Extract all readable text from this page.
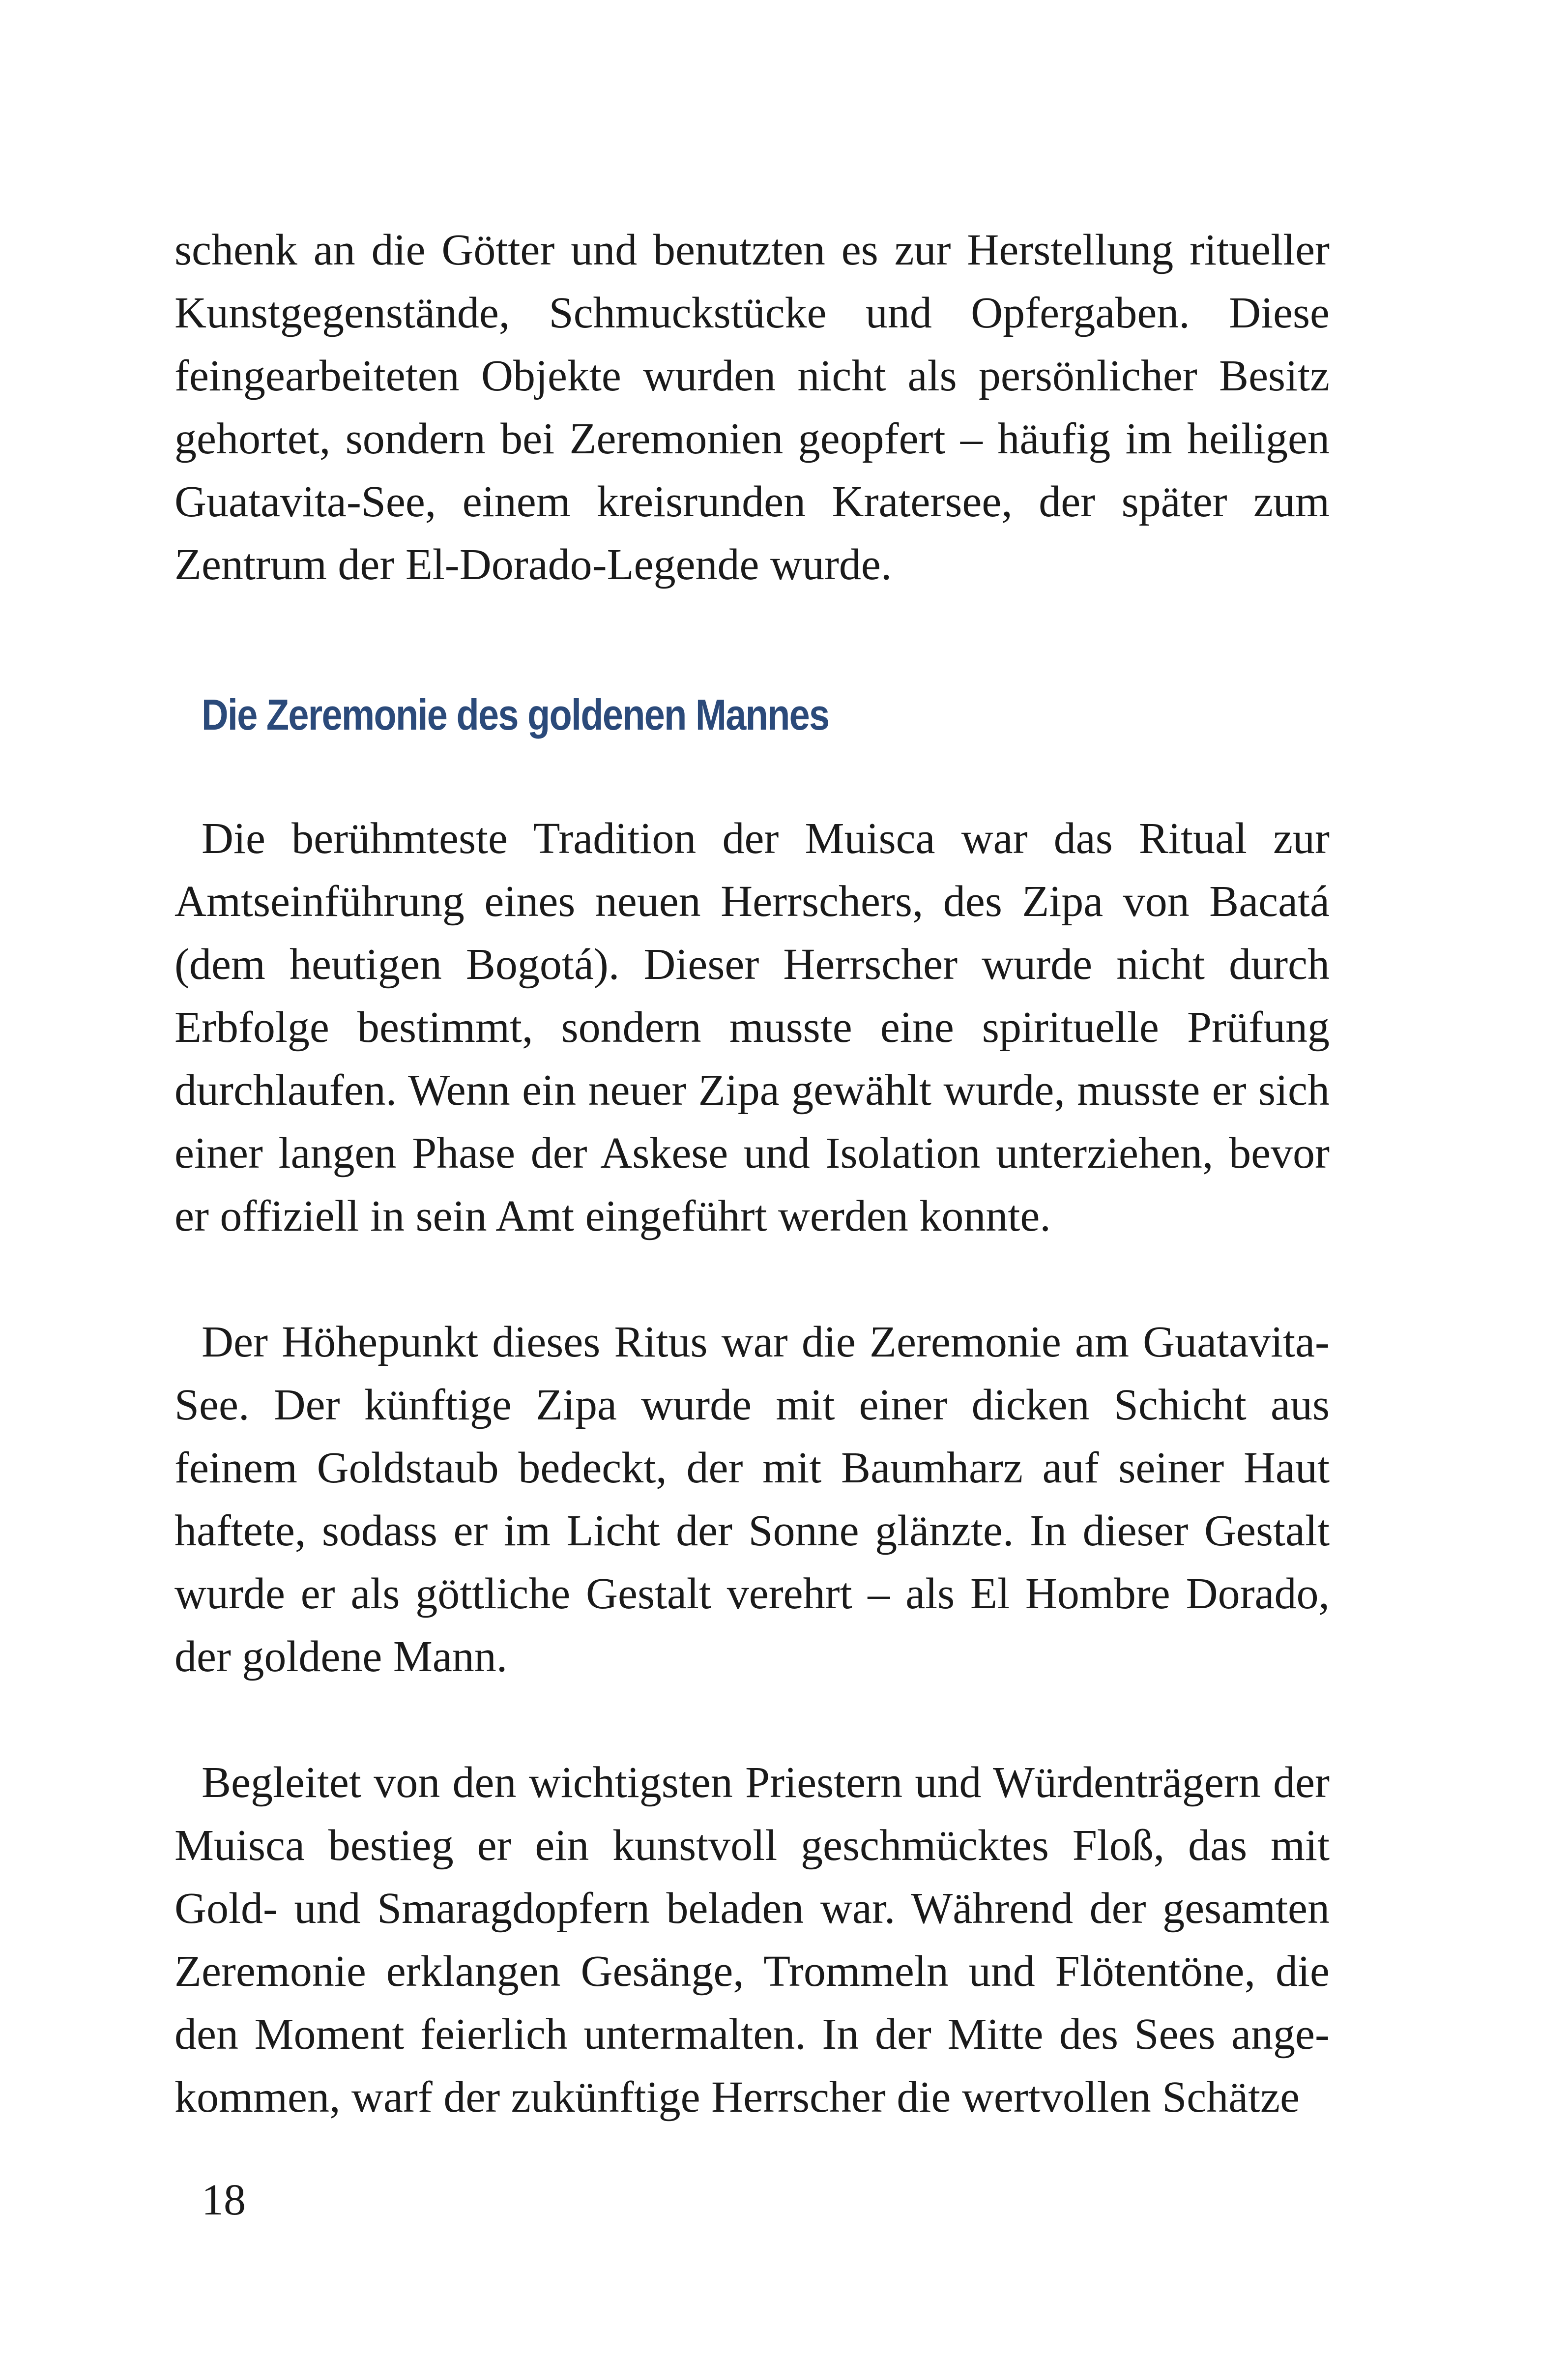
schenk an die Götter und benutzten es zur Herstellung ritueller Kunstgegenstände, Schmuckstücke und Opfergaben. Diese feingearbeiteten Objekte wurden nicht als persönlicher Besitz gehortet, sondern bei Zeremonien geopfert – häufig im heiligen Guatavita-See, einem kreisrunden Kratersee, der später zum Zentrum der El-Dorado-Legende wurde.

Die Zeremonie des goldenen Mannes

Die berühmteste Tradition der Muisca war das Ritual zur Amtseinführung eines neuen Herrschers, des Zipa von Bacatá (dem heutigen Bogotá). Dieser Herrscher wurde nicht durch Erbfolge bestimmt, sondern musste eine spirituelle Prüfung durchlaufen. Wenn ein neuer Zipa gewählt wurde, musste er sich einer langen Phase der Askese und Isolation unterziehen, bevor er offiziell in sein Amt eingeführt werden konnte.

Der Höhepunkt dieses Ritus war die Zeremonie am Guatavita-See. Der künftige Zipa wurde mit einer dicken Schicht aus feinem Goldstaub bedeckt, der mit Baumharz auf seiner Haut haftete, sodass er im Licht der Sonne glänzte. In dieser Gestalt wurde er als göttliche Gestalt verehrt – als El Hombre Dorado, der goldene Mann.

Begleitet von den wichtigsten Priestern und Würdenträgern der Muisca bestieg er ein kunstvoll geschmücktes Floß, das mit Gold- und Smaragdopfern beladen war. Während der gesamten Zeremonie erklangen Gesänge, Trommeln und Flötentöne, die den Moment feierlich untermalten. In der Mitte des Sees angekommen, warf der zukünftige Herrscher die wertvollen Schätze

18
